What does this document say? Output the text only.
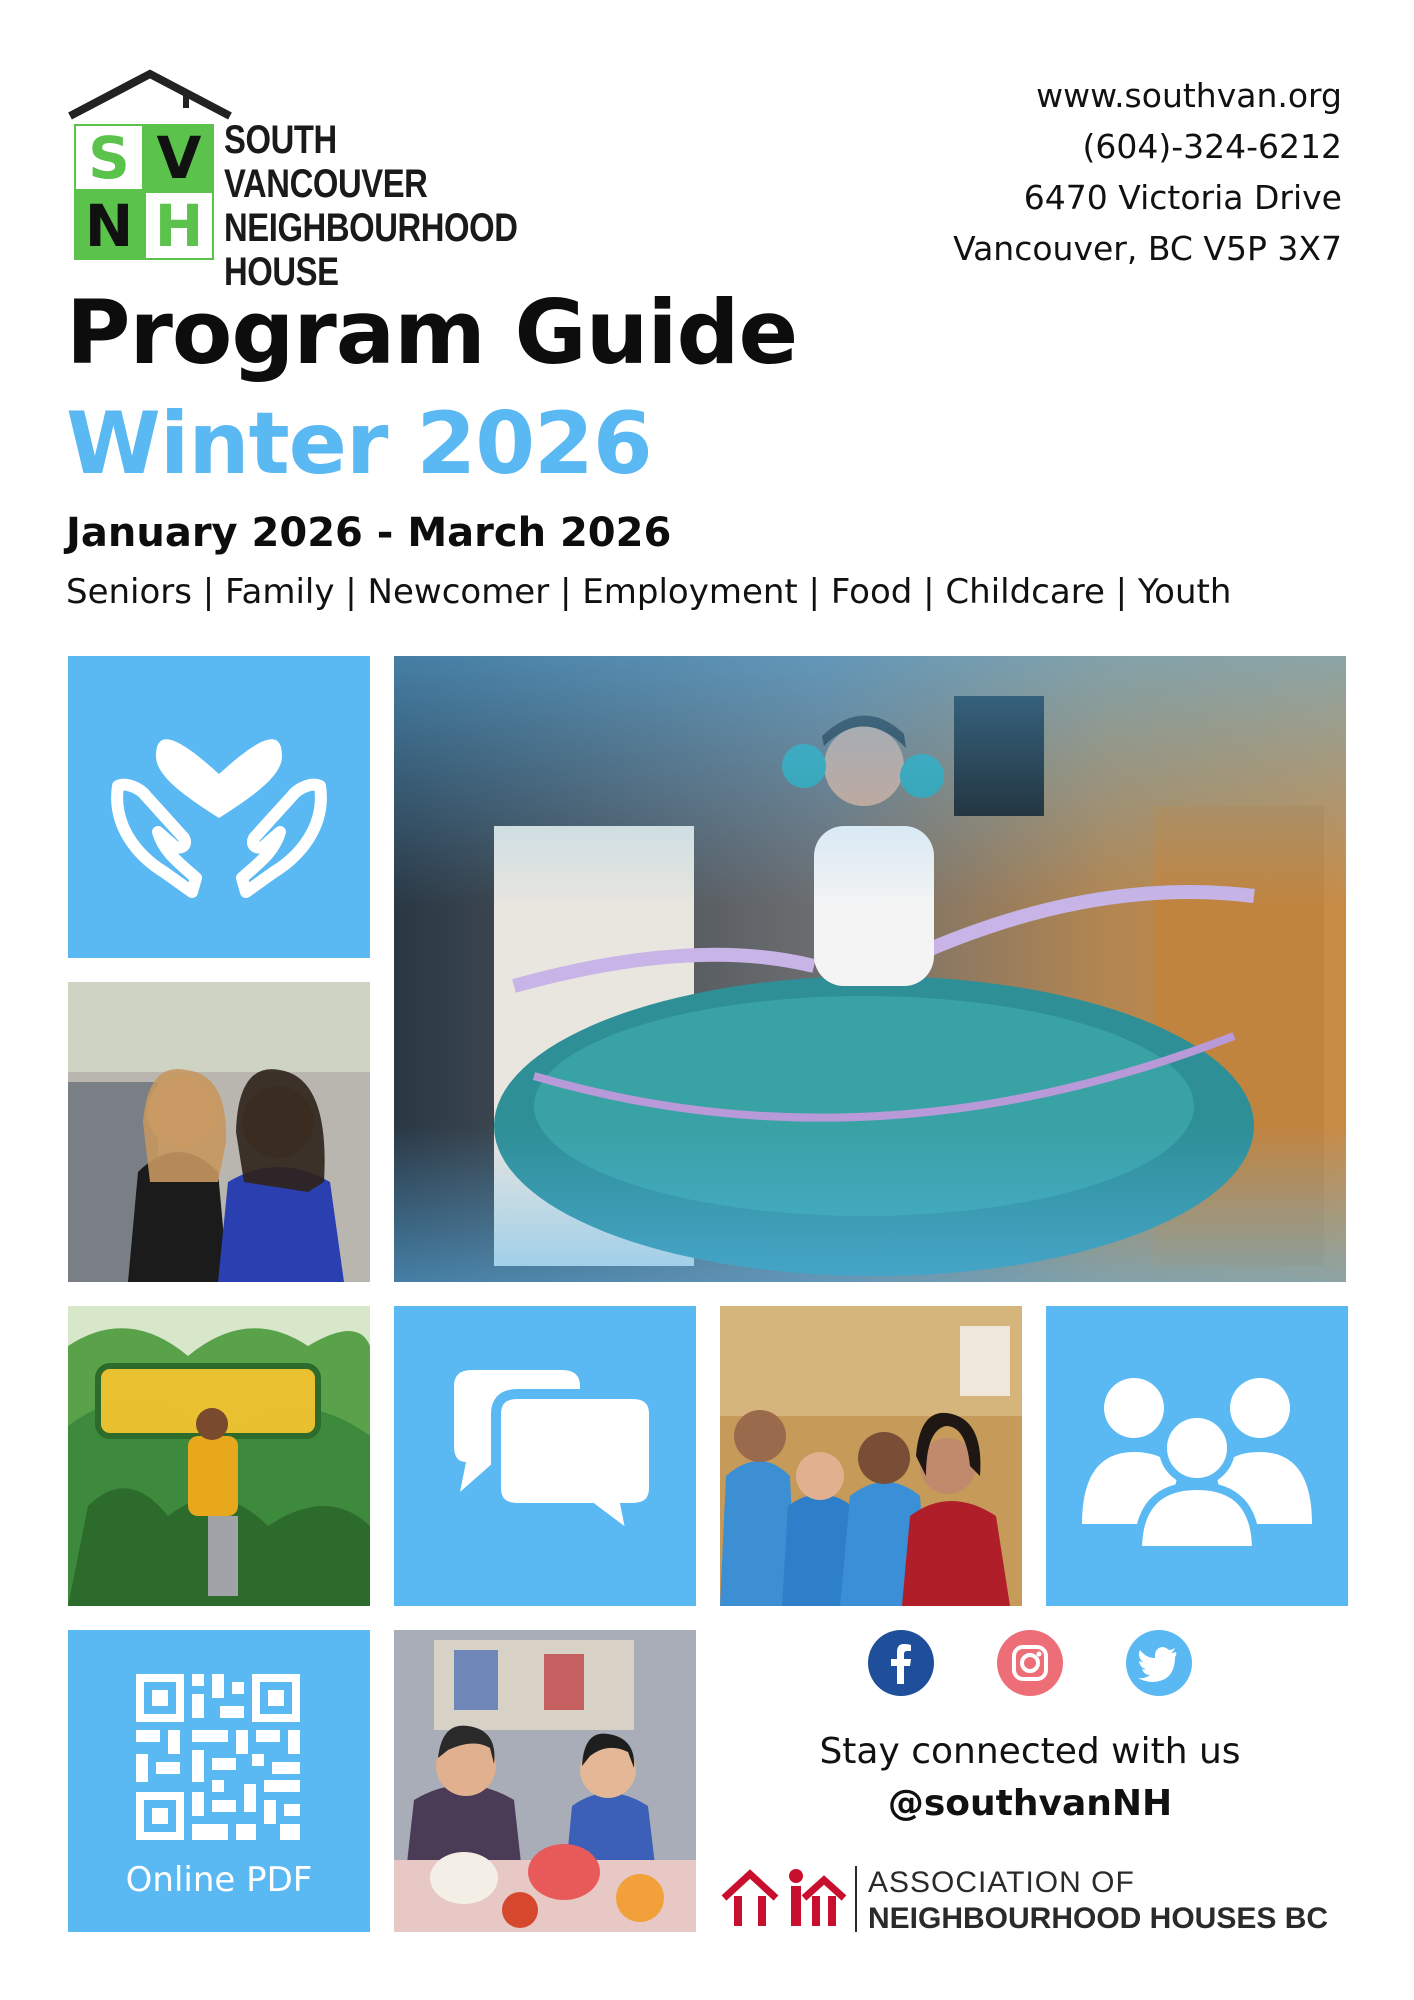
S V
N H
SOUTH VANCOUVER
NEIGHBOURHOOD
HOUSE
www.southvan.org
(604)-324-6212
6470 Victoria Drive
Vancouver, BC V5P 3X7
Program Guide
Winter 2026
January 2026 - March 2026
Seniors | Family | Newcomer | Employment | Food | Childcare | Youth
Online PDF
Stay connected with us
@southvanNH
ASSOCIATION OF
NEIGHBOURHOOD HOUSES BC
